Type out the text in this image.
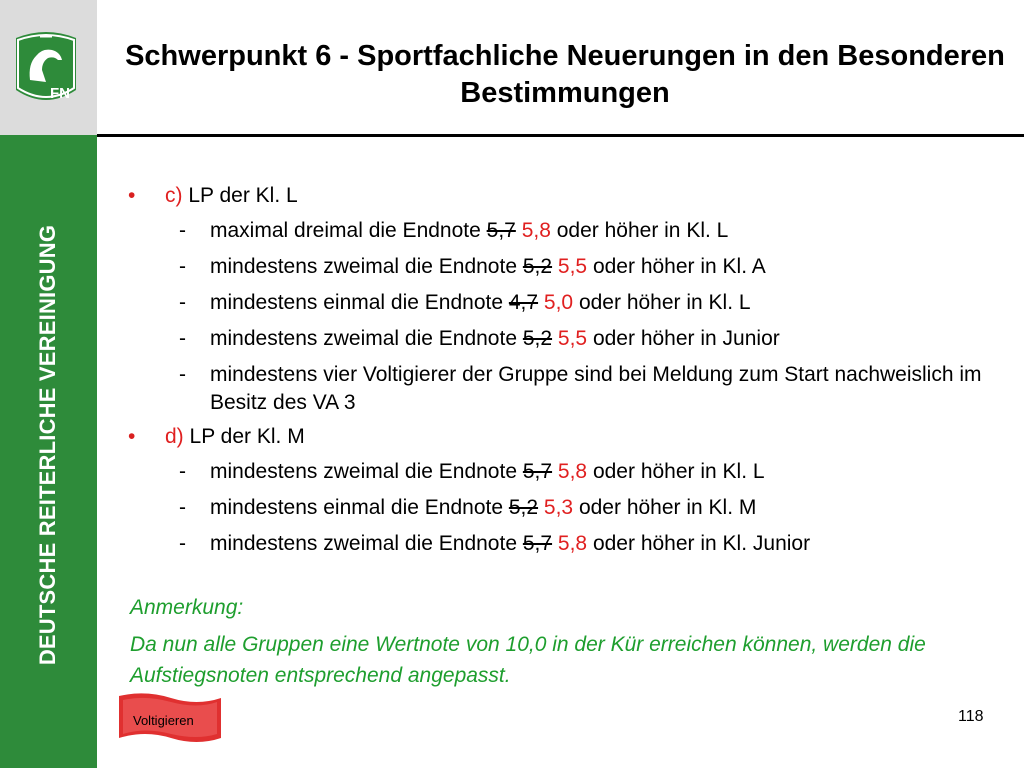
FN
DEUTSCHE REITERLICHE VEREINIGUNG
Schwerpunkt 6 - Sportfachliche Neuerungen in den Besonderen Bestimmungen
• c) LP der Kl. L
- maximal dreimal die Endnote 5,7 5,8 oder höher in Kl. L
- mindestens zweimal die Endnote 5,2 5,5 oder höher in Kl. A
- mindestens einmal die Endnote 4,7 5,0 oder höher in Kl. L
- mindestens zweimal die Endnote 5,2 5,5 oder höher in Junior
- mindestens vier Voltigierer der Gruppe sind bei Meldung zum Start nachweislich im Besitz des VA 3
• d) LP der Kl. M
- mindestens zweimal die Endnote 5,7 5,8 oder höher in Kl. L
- mindestens einmal die Endnote 5,2 5,3 oder höher in Kl. M
- mindestens zweimal die Endnote 5,7 5,8 oder höher in Kl. Junior

Anmerkung:

Da nun alle Gruppen eine Wertnote von 10,0 in der Kür erreichen können, werden die Aufstiegsnoten entsprechend angepasst.

Voltigieren	118
